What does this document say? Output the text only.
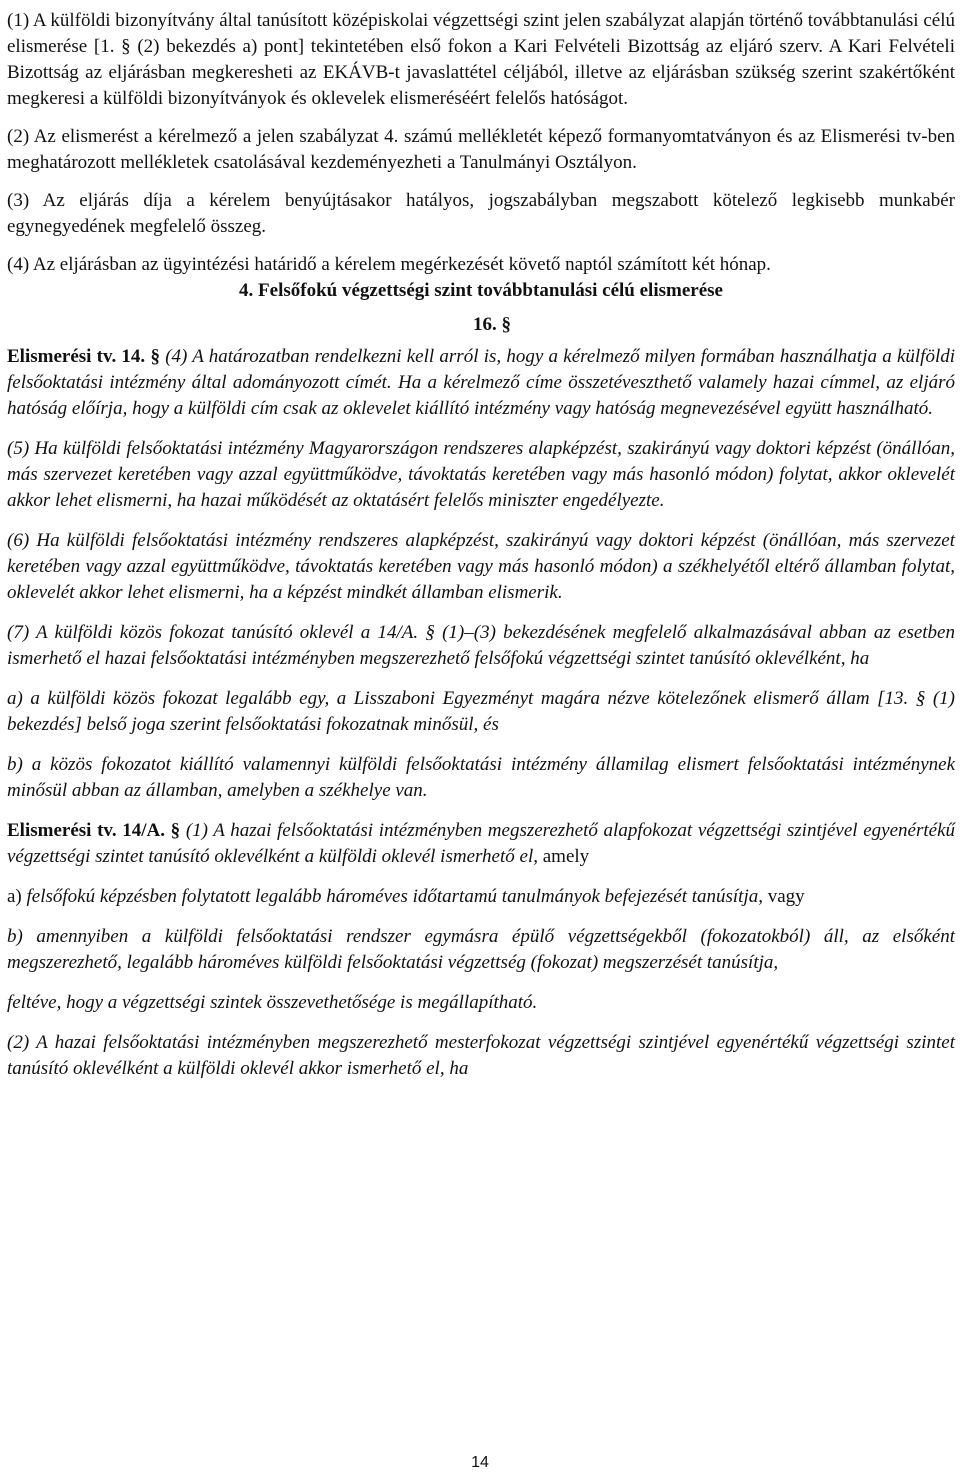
(1) A külföldi bizonyítvány által tanúsított középiskolai végzettségi szint jelen szabályzat alapján történő továbbtanulási célú elismerése [1. § (2) bekezdés a) pont] tekintetében első fokon a Kari Felvételi Bizottság az eljáró szerv. A Kari Felvételi Bizottság az eljárásban megkeresheti az EKÁVB-t javaslattétel céljából, illetve az eljárásban szükség szerint szakértőként megkeresi a külföldi bizonyítványok és oklevelek elismeréséért felelős hatóságot.

(2) Az elismerést a kérelmező a jelen szabályzat 4. számú mellékletét képező formanyomtatványon és az Elismerési tv-ben meghatározott mellékletek csatolásával kezdeményezheti a Tanulmányi Osztályon.

(3) Az eljárás díja a kérelem benyújtásakor hatályos, jogszabályban megszabott kötelező legkisebb munkabér egynegyedének megfelelő összeg.

(4) Az eljárásban az ügyintézési határidő a kérelem megérkezését követő naptól számított két hónap.

4. Felsőfokú végzettségi szint továbbtanulási célú elismerése

16. §

Elismerési tv. 14. § (4) A határozatban rendelkezni kell arról is, hogy a kérelmező milyen formában használhatja a külföldi felsőoktatási intézmény által adományozott címét. Ha a kérelmező címe összetéveszthető valamely hazai címmel, az eljáró hatóság előírja, hogy a külföldi cím csak az oklevelet kiállító intézmény vagy hatóság megnevezésével együtt használható.

(5) Ha külföldi felsőoktatási intézmény Magyarországon rendszeres alapképzést, szakirányú vagy doktori képzést (önállóan, más szervezet keretében vagy azzal együttműködve, távoktatás keretében vagy más hasonló módon) folytat, akkor oklevelét akkor lehet elismerni, ha hazai működését az oktatásért felelős miniszter engedélyezte.

(6) Ha külföldi felsőoktatási intézmény rendszeres alapképzést, szakirányú vagy doktori képzést (önállóan, más szervezet keretében vagy azzal együttműködve, távoktatás keretében vagy más hasonló módon) a székhelyétől eltérő államban folytat, oklevelét akkor lehet elismerni, ha a képzést mindkét államban elismerik.

(7) A külföldi közös fokozat tanúsító oklevél a 14/A. § (1)–(3) bekezdésének megfelelő alkalmazásával abban az esetben ismerhető el hazai felsőoktatási intézményben megszerezhető felsőfokú végzettségi szintet tanúsító oklevélként, ha

a) a külföldi közös fokozat legalább egy, a Lisszaboni Egyezményt magára nézve kötelezőnek elismerő állam [13. § (1) bekezdés] belső joga szerint felsőoktatási fokozatnak minősül, és

b) a közös fokozatot kiállító valamennyi külföldi felsőoktatási intézmény államilag elismert felsőoktatási intézménynek minősül abban az államban, amelyben a székhelye van.

Elismerési tv. 14/A. § (1) A hazai felsőoktatási intézményben megszerezhető alapfokozat végzettségi szintjével egyenértékű végzettségi szintet tanúsító oklevélként a külföldi oklevél ismerhető el, amely

a) felsőfokú képzésben folytatott legalább hároméves időtartamú tanulmányok befejezését tanúsítja, vagy

b) amennyiben a külföldi felsőoktatási rendszer egymásra épülő végzettségekből (fokozatokból) áll, az elsőként megszerezhető, legalább hároméves külföldi felsőoktatási végzettség (fokozat) megszerzését tanúsítja,

feltéve, hogy a végzettségi szintek összevethetősége is megállapítható.

(2) A hazai felsőoktatási intézményben megszerezhető mesterfokozat végzettségi szintjével egyenértékű végzettségi szintet tanúsító oklevélként a külföldi oklevél akkor ismerhető el, ha

14
